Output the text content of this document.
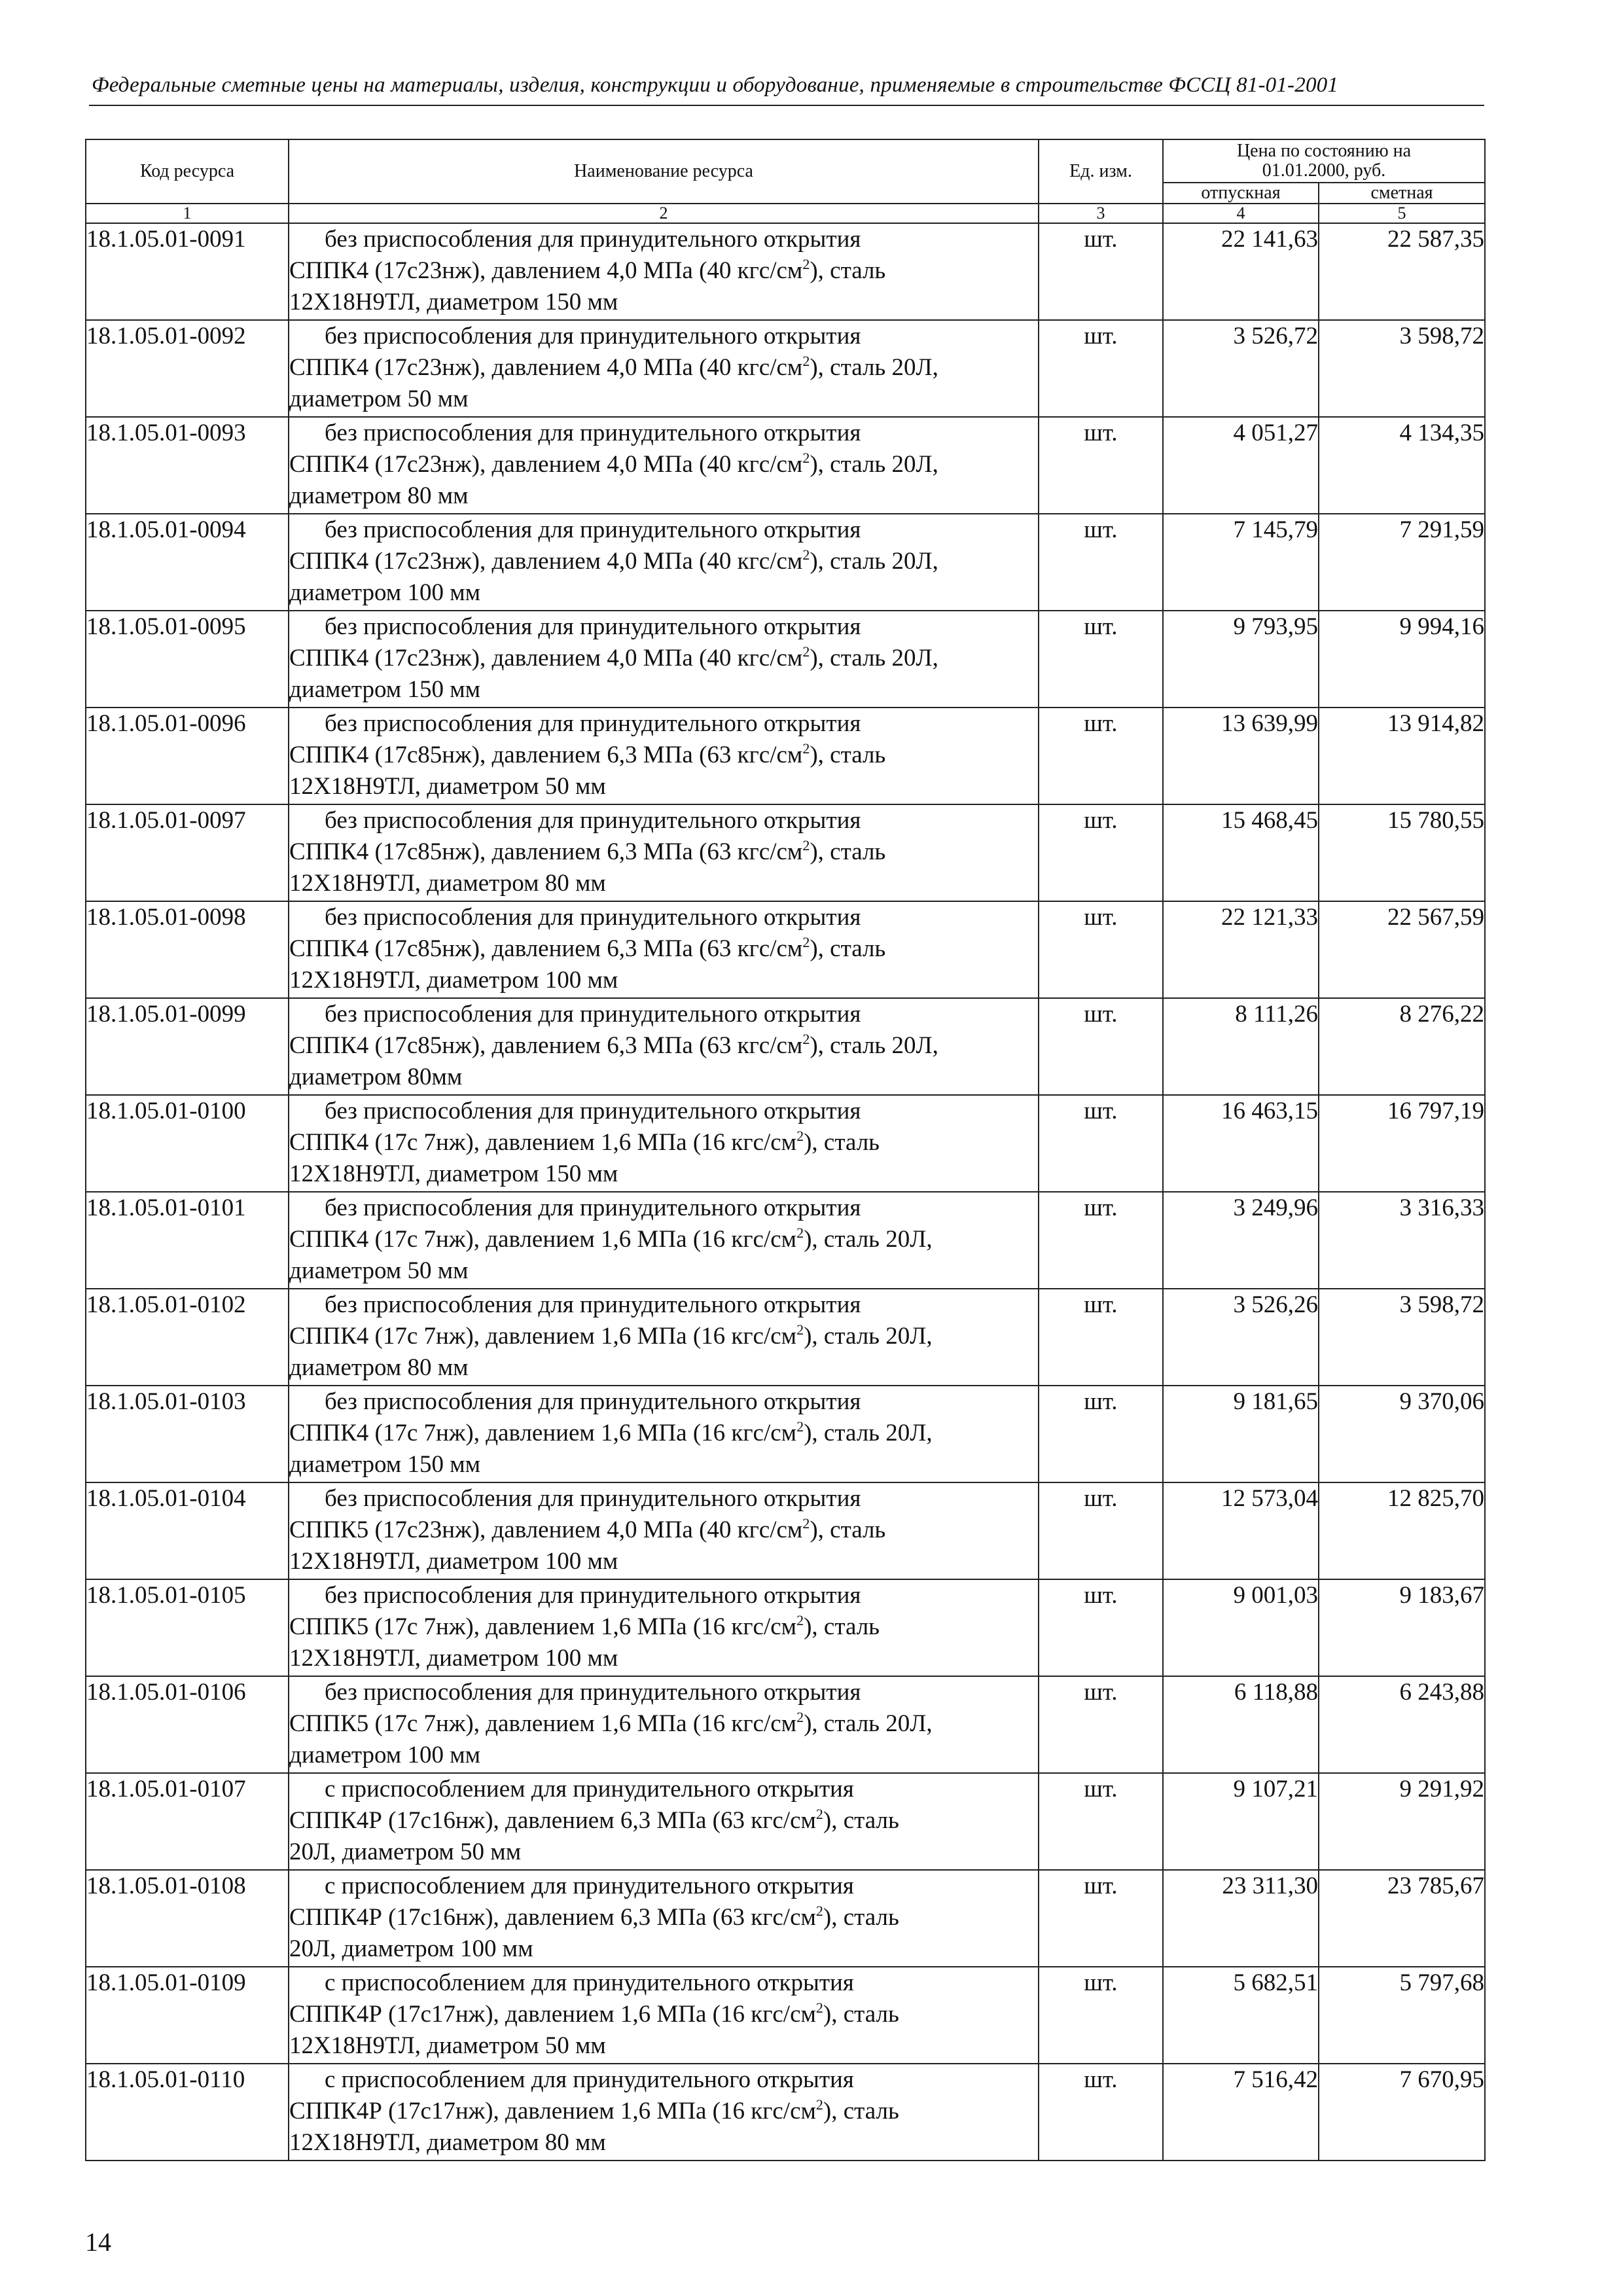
Федеральные сметные цены на материалы, изделия, конструкции и оборудование, применяемые в строительстве ФССЦ 81-01-2001
Код ресурса	Наименование ресурса	Ед. изм.	Цена по состоянию на 01.01.2000, руб.	
			отпускная	сметная
1	2	3	4	5
18.1.05.01-0091	без приспособления для принудительного открытия
СППК4 (17с23нж), давлением 4,0 МПа (40 кгс/$см^2$), сталь
12Х18Н9ТЛ, диаметром 150 мм	шт.	22 141,63	22 587,35
18.1.05.01-0092	без приспособления для принудительного открытия
СППК4 (17с23нж), давлением 4,0 МПа (40 кгс/$см^2$), сталь 20Л,
диаметром 50 мм	шт.	3 526,72	3 598,72
18.1.05.01-0093	без приспособления для принудительного открытия
СППК4 (17с23нж), давлением 4,0 МПа (40 кгс/$см^2$), сталь 20Л,
диаметром 80 мм	шт.	4 051,27	4 134,35
18.1.05.01-0094	без приспособления для принудительного открытия
СППК4 (17с23нж), давлением 4,0 МПа (40 кгс/$см^2$), сталь 20Л,
диаметром 100 мм	шт.	7 145,79	7 291,59
18.1.05.01-0095	без приспособления для принудительного открытия
СППК4 (17с23нж), давлением 4,0 МПа (40 кгс/$см^2$), сталь 20Л,
диаметром 150 мм	шт.	9 793,95	9 994,16
18.1.05.01-0096	без приспособления для принудительного открытия
СППК4 (17с85нж), давлением 6,3 МПа (63 кгс/$см^2$), сталь
12Х18Н9ТЛ, диаметром 50 мм	шт.	13 639,99	13 914,82
18.1.05.01-0097	без приспособления для принудительного открытия
СППК4 (17с85нж), давлением 6,3 МПа (63 кгс/$см^2$), сталь
12Х18Н9ТЛ, диаметром 80 мм	шт.	15 468,45	15 780,55
18.1.05.01-0098	без приспособления для принудительного открытия
СППК4 (17с85нж), давлением 6,3 МПа (63 кгс/$см^2$), сталь
12Х18Н9ТЛ, диаметром 100 мм	шт.	22 121,33	22 567,59
18.1.05.01-0099	без приспособления для принудительного открытия
СППК4 (17с85нж), давлением 6,3 МПа (63 кгс/$см^2$), сталь 20Л,
диаметром 80мм	шт.	8 111,26	8 276,22
18.1.05.01-0100	без приспособления для принудительного открытия
СППК4 (17с 7нж), давлением 1,6 МПа (16 кгс/$см^2$), сталь
12Х18Н9ТЛ, диаметром 150 мм	шт.	16 463,15	16 797,19
18.1.05.01-0101	без приспособления для принудительного открытия
СППК4 (17с 7нж), давлением 1,6 МПа (16 кгс/$см^2$), сталь 20Л,
диаметром 50 мм	шт.	3 249,96	3 316,33
18.1.05.01-0102	без приспособления для принудительного открытия
СППК4 (17с 7нж), давлением 1,6 МПа (16 кгс/$см^2$), сталь 20Л,
диаметром 80 мм	шт.	3 526,26	3 598,72
18.1.05.01-0103	без приспособления для принудительного открытия
СППК4 (17с 7нж), давлением 1,6 МПа (16 кгс/$см^2$), сталь 20Л,
диаметром 150 мм	шт.	9 181,65	9 370,06
18.1.05.01-0104	без приспособления для принудительного открытия
СППК5 (17с23нж), давлением 4,0 МПа (40 кгс/$см^2$), сталь
12Х18Н9ТЛ, диаметром 100 мм	шт.	12 573,04	12 825,70
18.1.05.01-0105	без приспособления для принудительного открытия
СППК5 (17с 7нж), давлением 1,6 МПа (16 кгс/$см^2$), сталь
12Х18Н9ТЛ, диаметром 100 мм	шт.	9 001,03	9 183,67
18.1.05.01-0106	без приспособления для принудительного открытия
СППК5 (17с 7нж), давлением 1,6 МПа (16 кгс/$см^2$), сталь 20Л,
диаметром 100 мм	шт.	6 118,88	6 243,88
18.1.05.01-0107	с приспособлением для принудительного открытия
СППК4Р (17с16нж), давлением 6,3 МПа (63 кгс/$см^2$), сталь
20Л, диаметром 50 мм	шт.	9 107,21	9 291,92
18.1.05.01-0108	с приспособлением для принудительного открытия
СППК4Р (17с16нж), давлением 6,3 МПа (63 кгс/$см^2$), сталь
20Л, диаметром 100 мм	шт.	23 311,30	23 785,67
18.1.05.01-0109	с приспособлением для принудительного открытия
СППК4Р (17с17нж), давлением 1,6 МПа (16 кгс/$см^2$), сталь
12Х18Н9ТЛ, диаметром 50 мм	шт.	5 682,51	5 797,68
18.1.05.01-0110	с приспособлением для принудительного открытия
СППК4Р (17с17нж), давлением 1,6 МПа (16 кгс/$см^2$), сталь
12Х18Н9ТЛ, диаметром 80 мм	шт.	7 516,42	7 670,95
14
